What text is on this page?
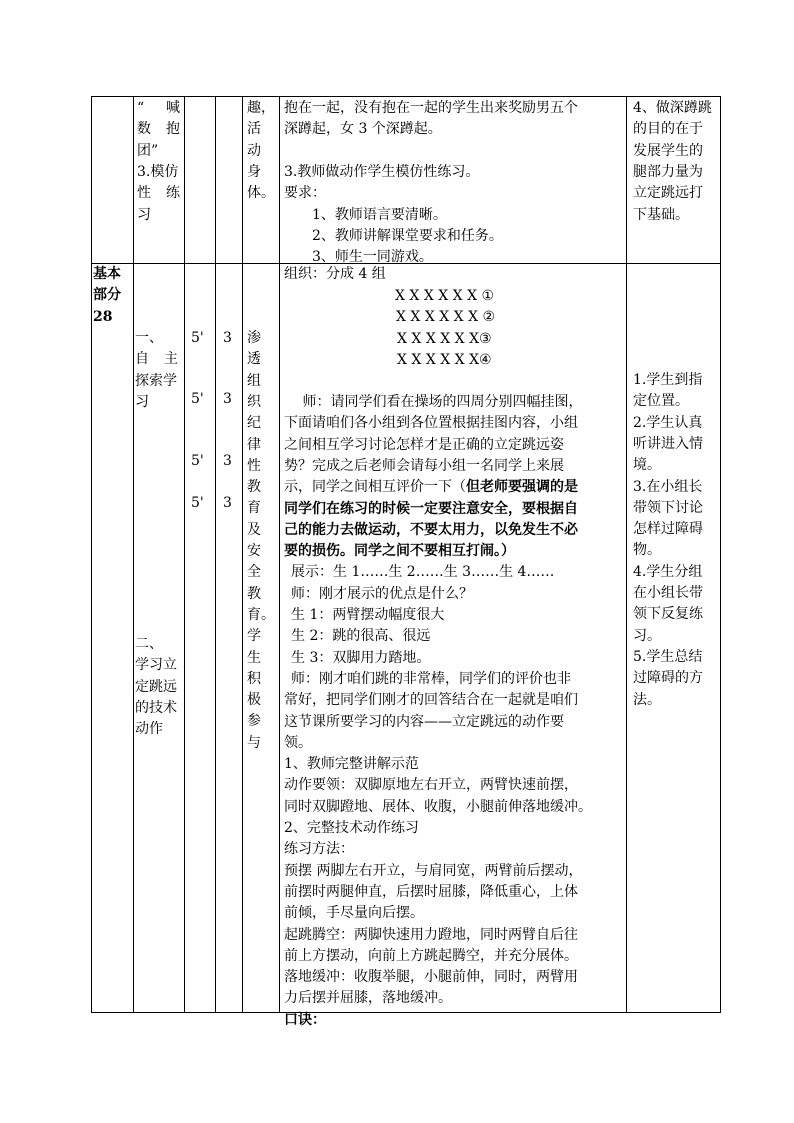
“ 喊
数 抱
团”
3.模仿
性 练
习
趣，
活
动
身
体。
抱在一起，没有抱在一起的学生出来奖励男五个
深蹲起，女 3 个深蹲起。
3.教师做动作学生模仿性练习。
要求：
　　1、教师语言要清晰。
　　2、教师讲解课堂要求和任务。
　　3、师生一同游戏。
4、做深蹲跳
的目的在于
发展学生的
腿部力量为
立定跳远打
下基础。
基本
部分
28
一、
自 主
探索学
习
二、
学习立
定跳远
的技术
动作
5' 3
5' 3
5' 3
5' 3
渗
透
组
织
纪
律
性
教
育
及
安
全
教
育。
学
生
积
极
参
与
组织：分成 4 组
X X X X X X ①
X X X X X X ②
X X X X X X③
X X X X X X④
　 师：请同学们看在操场的四周分别四幅挂图，
下面请咱们各小组到各位置根据挂图内容，小组
之间相互学习讨论怎样才是正确的立定跳远姿
势？完成之后老师会请每小组一名同学上来展
示，同学之间相互评价一下（但老师要强调的是
同学们在练习的时候一定要注意安全，要根据自
己的能力去做运动，不要太用力，以免发生不必
要的损伤。同学之间不要相互打闹。）
展示：生 1……生 2……生 3……生 4……
师：刚才展示的优点是什么？
生 1：两臂摆动幅度很大
生 2：跳的很高、很远
生 3：双脚用力踏地。
师：刚才咱们跳的非常棒，同学们的评价也非
常好，把同学们刚才的回答结合在一起就是咱们
这节课所要学习的内容——立定跳远的动作要
领。
1、教师完整讲解示范
动作要领：双脚原地左右开立，两臂快速前摆，
同时双脚蹬地、展体、收腹，小腿前伸落地缓冲。
2、完整技术动作练习
练习方法：
预摆 两脚左右开立，与肩同宽，两臂前后摆动，
前摆时两腿伸直，后摆时屈膝，降低重心，上体
前倾，手尽量向后摆。
起跳腾空：两脚快速用力蹬地，同时两臂自后往
前上方摆动，向前上方跳起腾空，并充分展体。
落地缓冲：收腹举腿，小腿前伸，同时，两臂用
力后摆并屈膝，落地缓冲。
口诀：
1.学生到指
定位置。
2.学生认真
听讲进入情
境。
3.在小组长
带领下讨论
怎样过障碍
物。
4.学生分组
在小组长带
领下反复练
习。
5.学生总结
过障碍的方
法。
